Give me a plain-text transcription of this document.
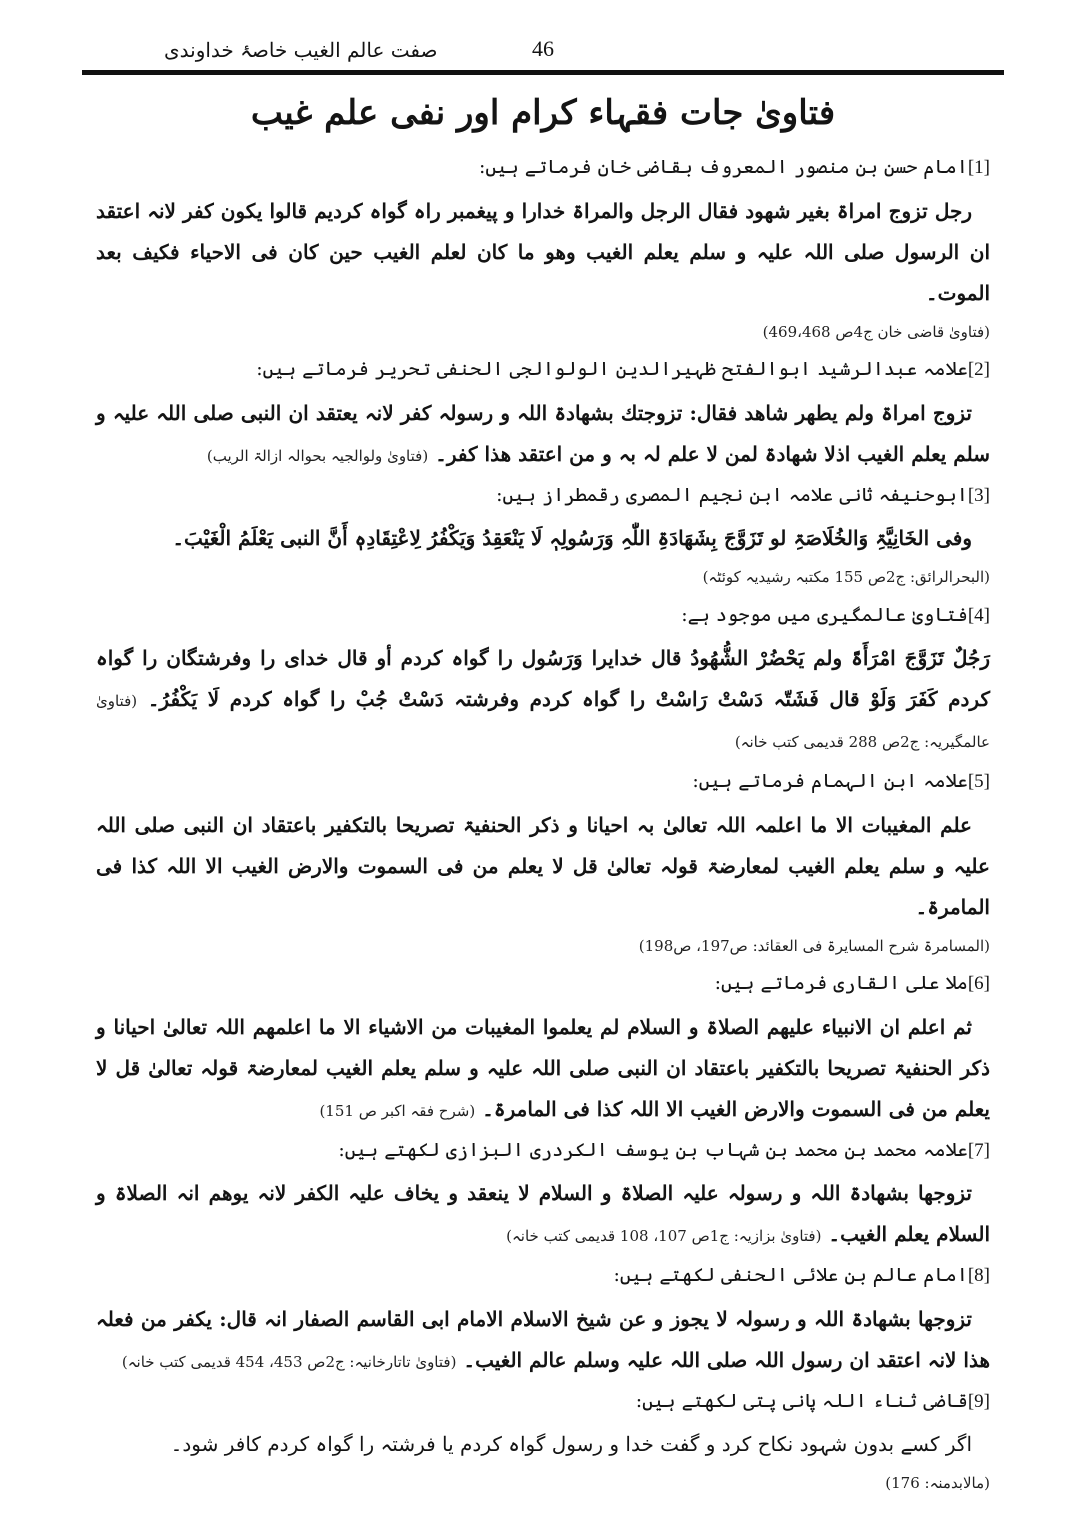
صفت عالم الغیب خاصۂ خداوندی	46
فتاویٰ جات فقہاء کرام اور نفی علم غیب
[1]امام حسن بن منصور المعروف بقاضی خان فرماتے ہیں:
رجل تزوج امراۃ بغیر شھود فقال الرجل والمراۃ خدارا و پیغمبر راہ گواہ کردیم قالوا یکون کفر لانہ اعتقد ان الرسول صلی اللہ علیہ و سلم یعلم الغیب وھو ما کان لعلم الغیب حین کان فی الاحیاء فکیف بعد الموت۔
(فتاویٰ قاضی خان ج4ص 469،468)
[2]علامہ عبدالرشید ابوالفتح ظہیرالدین الولوالجی الحنفی تحریر فرماتے ہیں:
تزوج امراۃ ولم یطھر شاھد فقال: تزوجتك بشھادۃ اللہ و رسولہ کفر لانہ یعتقد ان النبی صلی اللہ علیہ و سلم یعلم الغیب اذلا شھادۃ لمن لا علم لہ بہ و من اعتقد ھذا کفر۔ (فتاویٰ ولوالجیہ بحوالہ ازالۃ الریب)
[3]ابوحنیفہ ثانی علامہ ابن نجیم المصری رقمطراز ہیں:
وفی الخَانِیَّۃِ وَالخُلَاصَۃِ لو تَزَوَّجَ بِشَھَادَۃِ اللّٰہِ وَرَسُولِہٖ لَا یَنْعَقِدُ وَیَکْفُرُ لِاعْتِقَادِہٖ أَنَّ النبی یَعْلَمُ الْغَیْبَ۔
(البحرالرائق: ج2ص 155 مکتبہ رشیدیہ کوئٹہ)
[4]فتاویٰ عالمگیری میں موجود ہے:
رَجُلٌ تَزَوَّجَ امْرَأَۃً ولم یَحْضُرْ الشُّھُودُ قال خدایرا وَرَسُول را گواہ کردم أو قال خدای را وفرشتگان را گواہ کردم کَفَرَ وَلَوْ قال فَشَتّہ دَسْتْ رَاسْتْ را گواہ کردم وفرشتہ دَسْتْ جُبْ را گواہ کردم لَا یَکْفُرُ۔ (فتاویٰ عالمگیریہ: ج2ص 288 قدیمی کتب خانہ)
[5]علامہ ابن الہمام فرماتے ہیں:
علم المغیبات الا ما اعلمہ اللہ تعالیٰ بہ احیانا و ذکر الحنفیۃ تصریحا بالتکفیر باعتقاد ان النبی صلی اللہ علیہ و سلم یعلم الغیب لمعارضۃ قولہ تعالیٰ قل لا یعلم من فی السموت والارض الغیب الا اللہ کذا فی المامرۃ۔
(المسامرۃ شرح المسایرۃ فی العقائد: ص197، ص198)
[6]ملا علی القاری فرماتے ہیں:
ثم اعلم ان الانبیاء علیھم الصلاۃ و السلام لم یعلموا المغیبات من الاشیاء الا ما اعلمھم اللہ تعالیٰ احیانا و ذکر الحنفیۃ تصریحا بالتکفیر باعتقاد ان النبی صلی اللہ علیہ و سلم یعلم الغیب لمعارضۃ قولہ تعالیٰ قل لا یعلم من فی السموت والارض الغیب الا اللہ کذا فی المامرۃ۔ (شرح فقہ اکبر ص 151)
[7]علامہ محمد بن محمد بن شہاب بن یوسف الکردری البزازی لکھتے ہیں:
تزوجھا بشھادۃ اللہ و رسولہ علیہ الصلاۃ و السلام لا ینعقد و یخاف علیہ الکفر لانہ یوھم انہ الصلاۃ و السلام یعلم الغیب۔ (فتاویٰ بزازیہ: ج1ص 107، 108 قدیمی کتب خانہ)
[8]امام عالم بن علائی الحنفی لکھتے ہیں:
تزوجھا بشھادۃ اللہ و رسولہ لا یجوز و عن شیخ الاسلام الامام ابی القاسم الصفار انہ قال: یکفر من فعلہ ھذا لانہ اعتقد ان رسول اللہ صلی اللہ علیہ وسلم عالم الغیب۔ (فتاویٰ تاتارخانیہ: ج2ص 453، 454 قدیمی کتب خانہ)
[9]قاضی ثناء اللہ پانی پتی لکھتے ہیں:
اگر کسے بدون شہود نکاح کرد و گفت خدا و رسول گواہ کردم یا فرشتہ را گواہ کردم کافر شود۔
(مالابدمنہ: 176)
